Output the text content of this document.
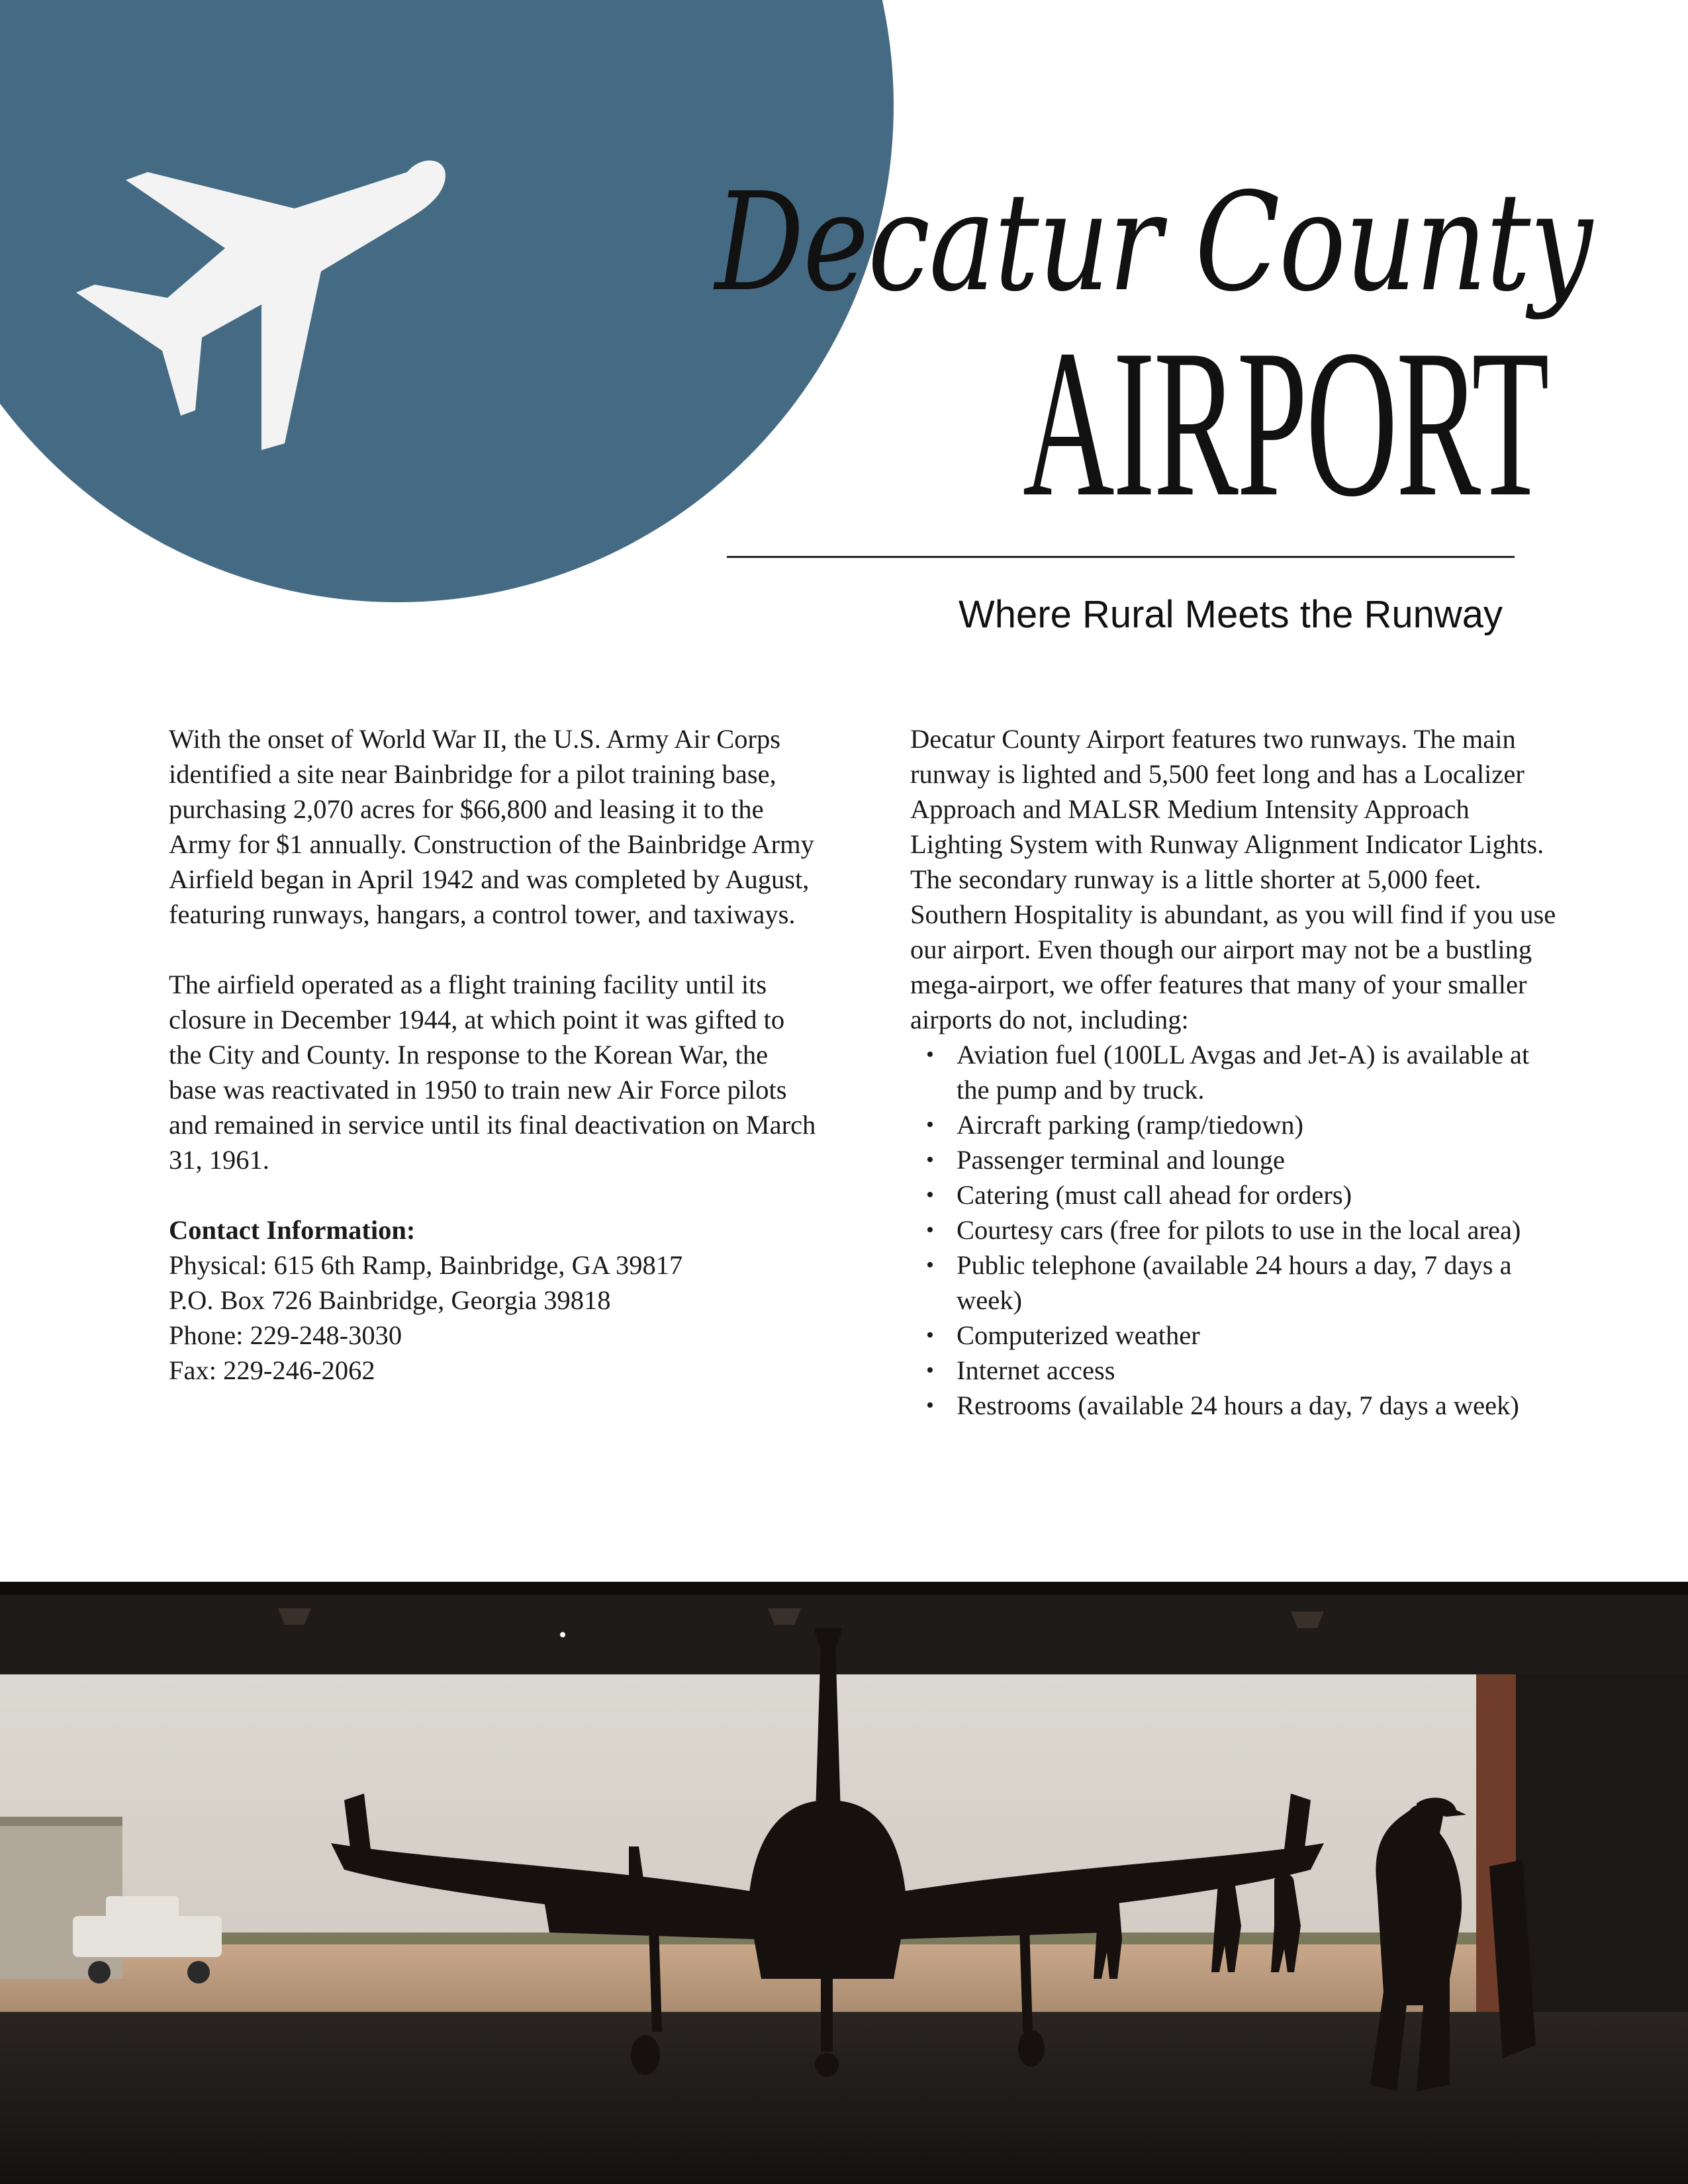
Decatur County
AIRPORT
Where Rural Meets the Runway

With the onset of World War II, the U.S. Army Air Corps identified a site near Bainbridge for a pilot training base, purchasing 2,070 acres for $66,800 and leasing it to the Army for $1 annually. Construction of the Bainbridge Army Airfield began in April 1942 and was completed by August, featuring runways, hangars, a control tower, and taxiways.

The airfield operated as a flight training facility until its closure in December 1944, at which point it was gifted to the City and County. In response to the Korean War, the base was reactivated in 1950 to train new Air Force pilots and remained in service until its final deactivation on March 31, 1961.

Contact Information:

Physical: 615 6th Ramp, Bainbridge, GA 39817

P.O. Box 726 Bainbridge, Georgia 39818

Phone: 229-248-3030

Fax: 229-246-2062

Decatur County Airport features two runways. The main runway is lighted and 5,500 feet long and has a Localizer Approach and MALSR Medium Intensity Approach Lighting System with Runway Alignment Indicator Lights. The secondary runway is a little shorter at 5,000 feet. Southern Hospitality is abundant, as you will find if you use our airport. Even though our airport may not be a bustling mega-airport, we offer features that many of your smaller airports do not, including:

• Aviation fuel (100LL Avgas and Jet-A) is available at the pump and by truck.
• Aircraft parking (ramp/tiedown)
• Passenger terminal and lounge
• Catering (must call ahead for orders)
• Courtesy cars (free for pilots to use in the local area)
• Public telephone (available 24 hours a day, 7 days a week)
• Computerized weather
• Internet access
• Restrooms (available 24 hours a day, 7 days a week)
